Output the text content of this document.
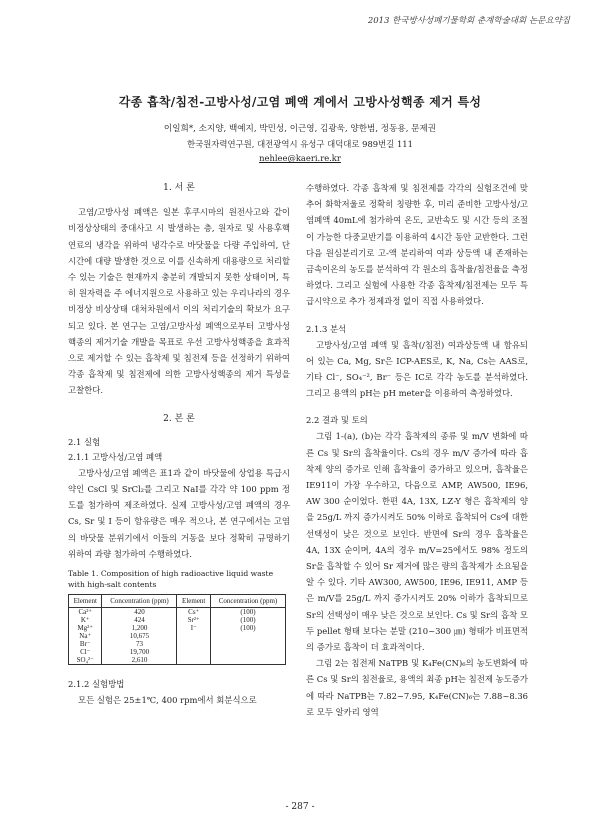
2013 한국방사성폐기물학회 춘계학술대회 논문요약집
각종 흡착/침전-고방사성/고염 폐액 계에서 고방사성핵종 제거 특성
이일희*, 소지양, 백예지, 박민성, 이근영, 김광욱, 양한범, 정동용, 문제권
한국원자력연구원, 대전광역시 유성구 대덕대로 989번길 111
nehlee@kaeri.re.kr

1. 서 론

고염/고방사성 폐액은 일본 후쿠시마의 원전사고와 같이 비정상상태의 중대사고 시 발생하는 층, 원자로 및 사용후핵연료의 냉각을 위하여 냉각수로 바닷물을 다량 주입하여, 단시간에 대량 발생한 것으로 이를 신속하게 대용량으로 처리할 수 있는 기술은 현재까지 충분히 개발되지 못한 상태이며, 특히 원자력을 주 에너지원으로 사용하고 있는 우리나라의 경우 비정상 비상상태 대처차원에서 이의 처리기술의 확보가 요구되고 있다. 본 연구는 고염/고방사성 폐액으로부터 고방사성핵종의 제거기술 개발을 목표로 우선 고방사성핵종을 효과적으로 제거할 수 있는 흡착제 및 침전제 등을 선정하기 위하여 각종 흡착제 및 침전제에 의한 고방사성핵종의 제거 특성을 고찰한다.

2. 본 론

2.1 실험

2.1.1 고방사성/고염 폐액

고방사성/고염 폐액은 표1과 같이 바닷물에 상업용 특급시약인 CsCl 및 SrCl₂를 그리고 NaI를 각각 약 100 ppm 정도를 첨가하여 제조하였다. 실제 고방사성/고염 폐액의 경우 Cs, Sr 및 I 등이 함유량은 매우 적으나, 본 연구에서는 고염의 바닷물 분위기에서 이들의 거동을 보다 정확히 규명하기 위하여 과량 첨가하여 수행하였다.

Table 1. Composition of high radioactive liquid waste with high-salt contents

Element	Concentration (ppm)	Element	Concentration (ppm)
Ca²⁺	420	Cs⁺	(100)
K⁺	424	Sr²⁺	(100)
Mg²⁺	1,200	I⁻	(100)
Na⁺	10,675		
Br⁻	73		
Cl⁻	19,700		
SO₄²⁻	2,610		

2.1.2 실험방법

모든 실험은 25±1℃, 400 rpm에서 회분식으로

수행하였다. 각종 흡착제 및 침전제를 각각의 실험조건에 맞추어 화학저울로 정확히 칭량한 후, 미리 준비한 고방사성/고염폐액 40mL에 첨가하여 온도, 교반속도 및 시간 등의 조절이 가능한 다중교반기를 이용하여 4시간 동안 교반한다. 그런 다음 원심분리기로 고-액 분리하여 여과 상등액 내 존재하는 금속이온의 농도를 분석하여 각 원소의 흡착율/침전율을 측정하였다. 그리고 실험에 사용한 각종 흡착제/침전제는 모두 특급시약으로 추가 정제과정 없이 직접 사용하였다.

2.1.3 분석

고방사성/고염 폐액 및 흡착(/침전) 여과상등액 내 함유되어 있는 Ca, Mg, Sr은 ICP-AES로, K, Na, Cs는 AAS로, 기타 Cl⁻, SO₄⁻², Br⁻ 등은 IC로 각각 농도를 분석하였다. 그리고 용액의 pH는 pH meter을 이용하여 측정하였다.

2.2 결과 및 토의

그림 1-(a), (b)는 각각 흡착제의 종류 및 m/V 변화에 따른 Cs 및 Sr의 흡착율이다. Cs의 경우 m/V 증가에 따라 흡착제 양의 증가로 인해 흡착율이 증가하고 있으며, 흡착율은 IE911이 가장 우수하고, 다음으로 AMP, AW500, IE96, AW 300 순이었다. 한편 4A, 13X, LZ-Y 형은 흡착제의 양을 25g/L 까지 증가시켜도 50% 이하로 흡착되어 Cs에 대한 선택성이 낮은 것으로 보인다. 반면에 Sr의 경우 흡착율은 4A, 13X 순이며, 4A의 경우 m/V=25에서도 98% 정도의 Sr을 흡착할 수 있어 Sr 제거에 많은 량의 흡착제가 소요됨을 알 수 있다. 기타 AW300, AW500, IE96, IE911, AMP 등은 m/V를 25g/L 까지 증가시켜도 20% 이하가 흡착되므로 Sr의 선택성이 매우 낮은 것으로 보인다. Cs 및 Sr의 흡착 모두 pellet 형태 보다는 분말 (210~300 ㎛) 형태가 비표면적의 증가로 흡착이 더 효과적이다.

그림 2는 침전제 NaTPB 및 K₄Fe(CN)₆의 농도변화에 따른 Cs 및 Sr의 침전율로, 용액의 최종 pH는 침전제 농도증가에 따라 NaTPB는 7.82~7.95, K₄Fe(CN)₆는 7.88~8.36로 모두 알카리 영역

- 287 -
